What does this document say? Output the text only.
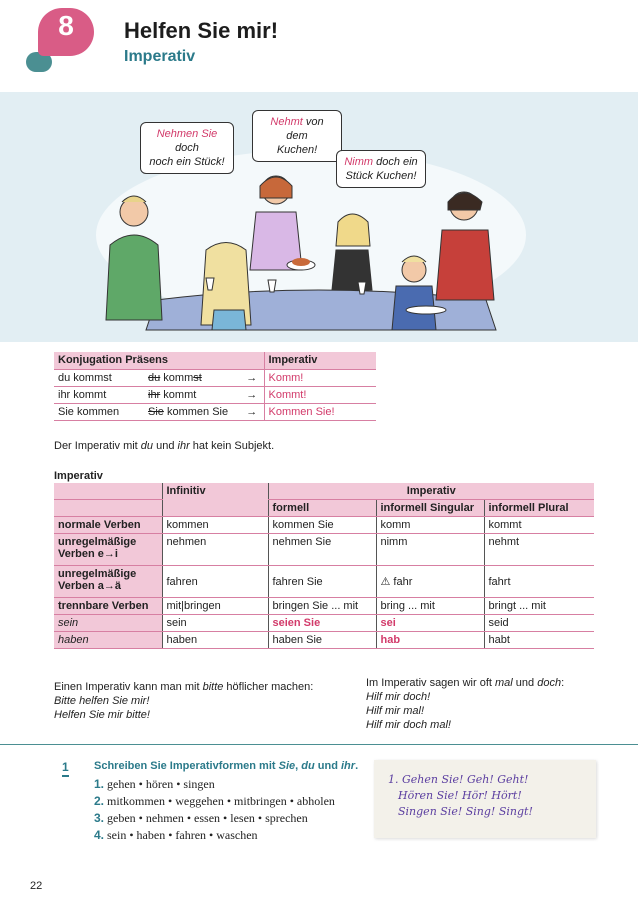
8	Helfen Sie mir!
Imperativ
Nehmen Sie doch
noch ein Stück!
Nehmt von dem
Kuchen!
Nimm doch ein
Stück Kuchen!
Konjugation Präsens			Imperativ
du kommst	du kommst	→	Komm!
ihr kommt	ihr kommt	→	Kommt!
Sie kommen	Sie kommen Sie	→	Kommen Sie!
Der Imperativ mit du und ihr hat kein Subjekt.
Imperativ
	Infinitiv	Imperativ		
		formell	informell Singular	informell Plural
normale Verben	kommen	kommen Sie	komm	kommt
unregelmäßige Verben e→i	nehmen	nehmen Sie	nimm	nehmt
unregelmäßige Verben a→ä	fahren	fahren Sie	⚠ fahr	fahrt
trennbare Verben	mit|bringen	bringen Sie ... mit	bring ... mit	bringt ... mit
sein	sein	seien Sie	sei	seid
haben	haben	haben Sie	hab	habt
Einen Imperativ kann man mit bitte höflicher machen:
Bitte helfen Sie mir!
Helfen Sie mir bitte!
Im Imperativ sagen wir oft mal und doch:
Hilf mir doch!
Hilf mir mal!
Hilf mir doch mal!
1 Schreiben Sie Imperativformen mit Sie, du und ihr.
1. gehen • hören • singen
2. mitkommen • weggehen • mitbringen • abholen
3. geben • nehmen • essen • lesen • sprechen
4. sein • haben • fahren • waschen
1. Gehen Sie! Geh! Geht!
Hören Sie! Hör! Hört!
Singen Sie! Sing! Singt!
22
